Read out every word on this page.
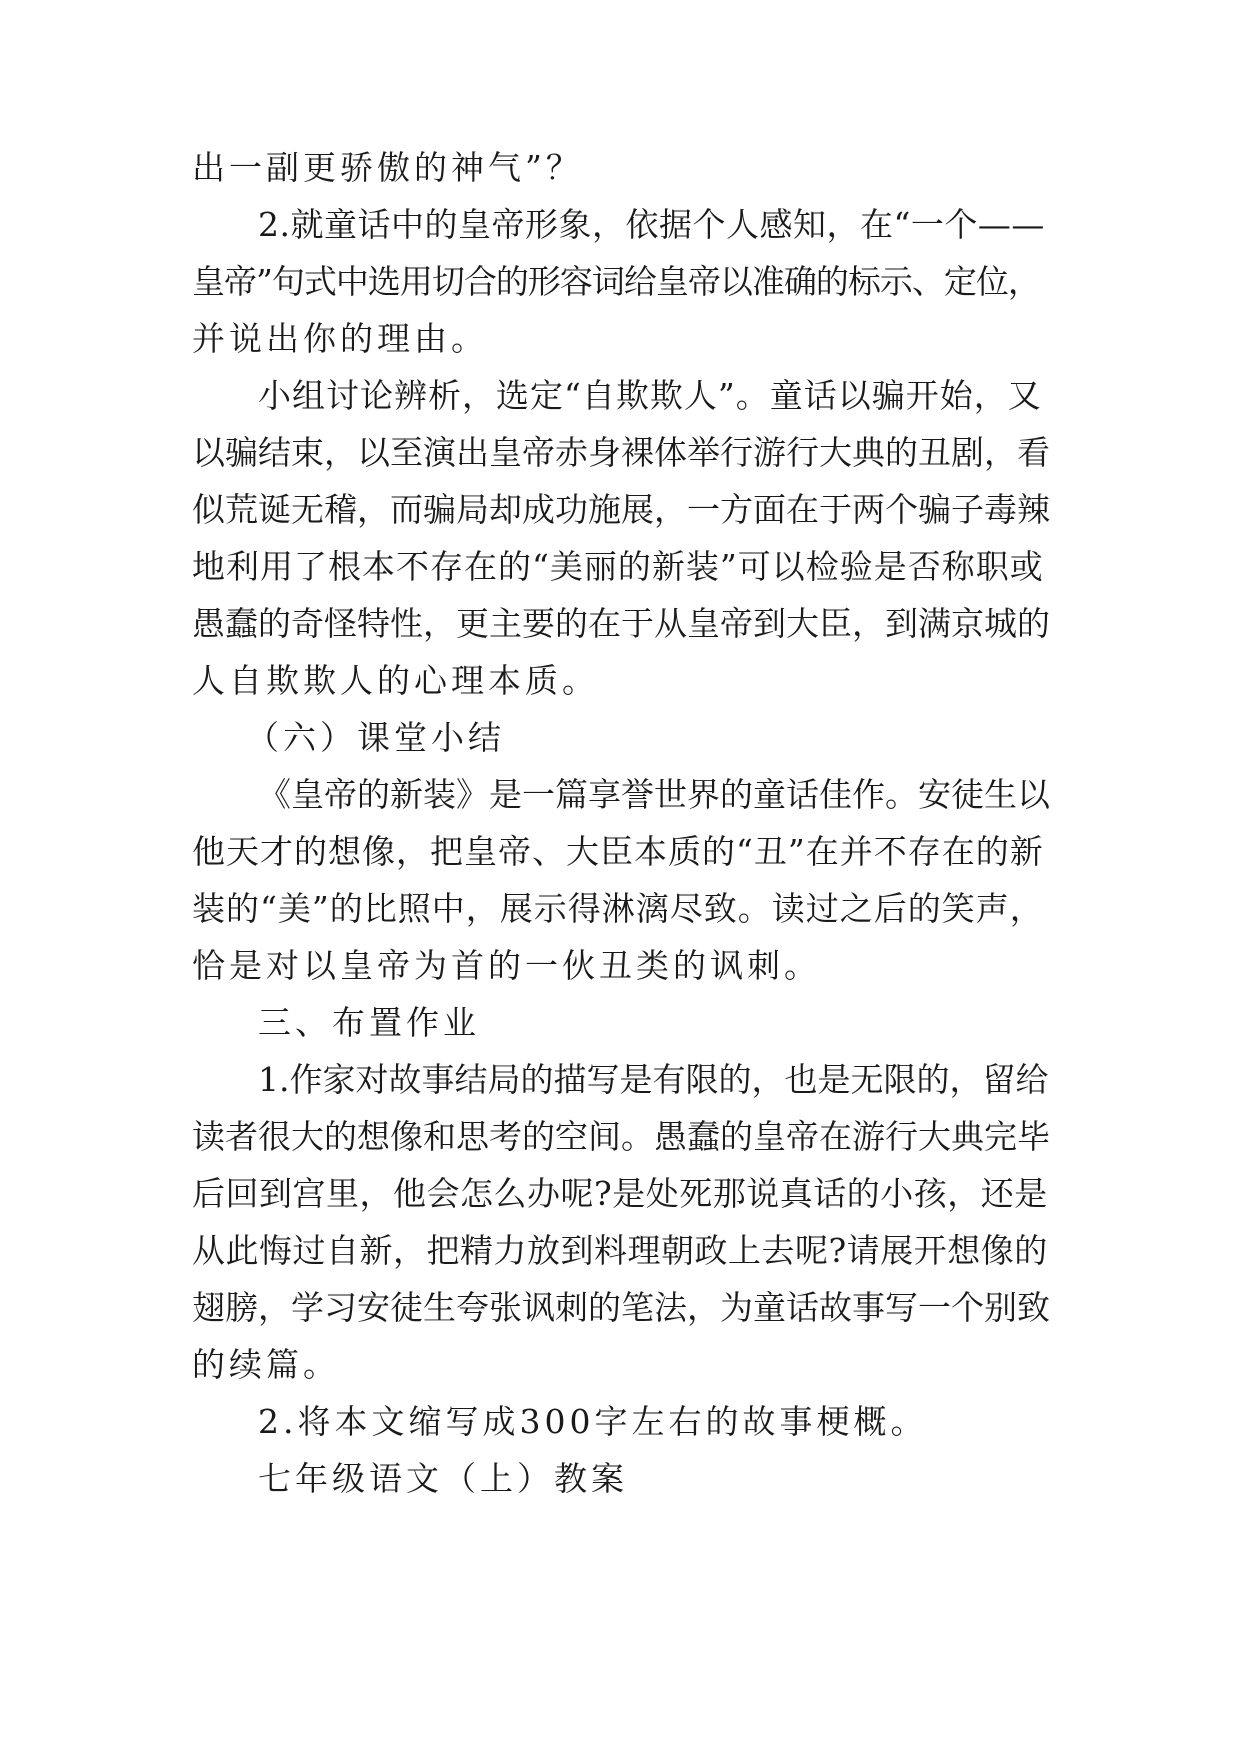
出一副更骄傲的神气”？
2.就童话中的皇帝形象，依据个人感知，在“一个——
皇帝”句式中选用切合的形容词给皇帝以准确的标示、定位，
并说出你的理由。
小组讨论辨析，选定“自欺欺人”。童话以骗开始，又
以骗结束，以至演出皇帝赤身裸体举行游行大典的丑剧，看
似荒诞无稽，而骗局却成功施展，一方面在于两个骗子毒辣
地利用了根本不存在的“美丽的新装”可以检验是否称职或
愚蠢的奇怪特性，更主要的在于从皇帝到大臣，到满京城的
人自欺欺人的心理本质。
（六）课堂小结
《皇帝的新装》是一篇享誉世界的童话佳作。安徒生以
他天才的想像，把皇帝、大臣本质的“丑”在并不存在的新
装的“美”的比照中，展示得淋漓尽致。读过之后的笑声，
恰是对以皇帝为首的一伙丑类的讽刺。
三、布置作业
1.作家对故事结局的描写是有限的，也是无限的，留给
读者很大的想像和思考的空间。愚蠢的皇帝在游行大典完毕
后回到宫里，他会怎么办呢?是处死那说真话的小孩，还是
从此悔过自新，把精力放到料理朝政上去呢?请展开想像的
翅膀，学习安徒生夸张讽刺的笔法，为童话故事写一个别致
的续篇。
2.将本文缩写成300字左右的故事梗概。
七年级语文（上）教案
